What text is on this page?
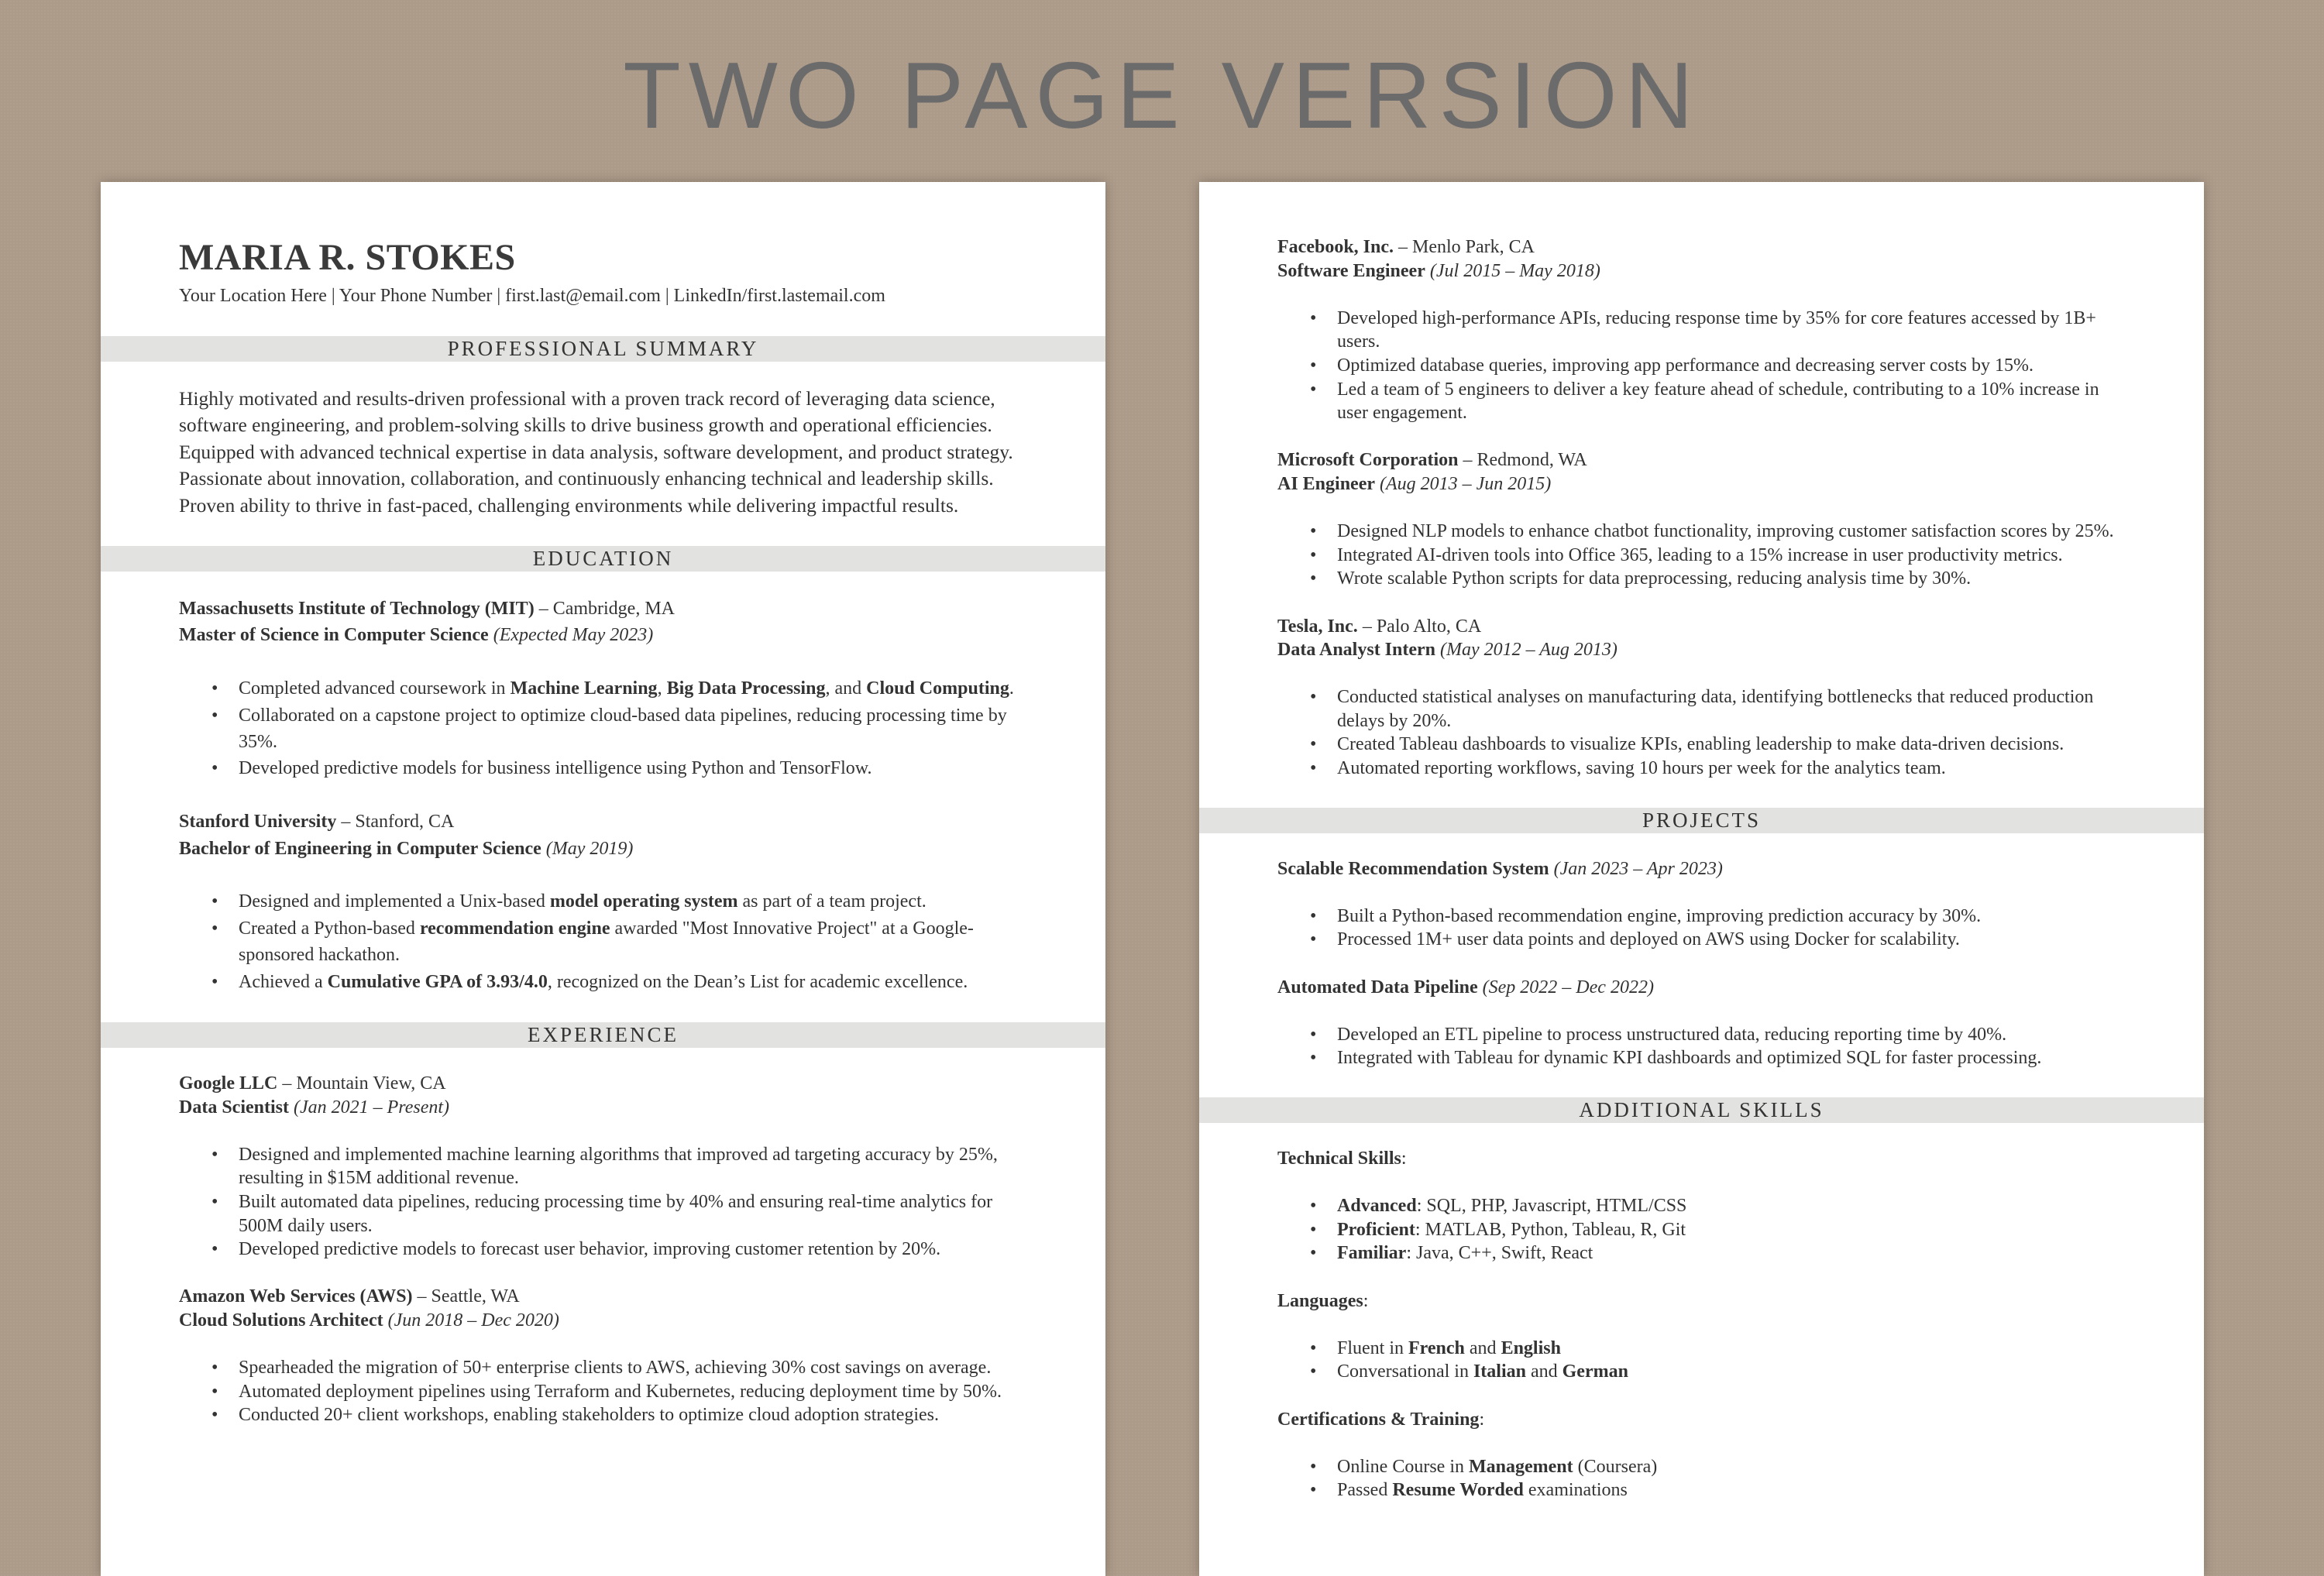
TWO PAGE VERSION
MARIA R. STOKES
Your Location Here | Your Phone Number | first.last@email.com | LinkedIn/first.lastemail.com
PROFESSIONAL SUMMARY

Highly motivated and results-driven professional with a proven track record of leveraging data science,

software engineering, and problem-solving skills to drive business growth and operational efficiencies.

Equipped with advanced technical expertise in data analysis, software development, and product strategy.

Passionate about innovation, collaboration, and continuously enhancing technical and leadership skills.

Proven ability to thrive in fast-paced, challenging environments while delivering impactful results.

EDUCATION
Massachusetts Institute of Technology (MIT) – Cambridge, MA
Master of Science in Computer Science (Expected May 2023)
• Completed advanced coursework in Machine Learning, Big Data Processing, and Cloud Computing.
• Collaborated on a capstone project to optimize cloud-based data pipelines, reducing processing time by 35%.
• Developed predictive models for business intelligence using Python and TensorFlow.
Stanford University – Stanford, CA
Bachelor of Engineering in Computer Science (May 2019)
• Designed and implemented a Unix-based model operating system as part of a team project.
• Created a Python-based recommendation engine awarded "Most Innovative Project" at a Google-sponsored hackathon.
• Achieved a Cumulative GPA of 3.93/4.0, recognized on the Dean’s List for academic excellence.
EXPERIENCE
Google LLC – Mountain View, CA
Data Scientist (Jan 2021 – Present)
• Designed and implemented machine learning algorithms that improved ad targeting accuracy by 25%, resulting in $15M additional revenue.
• Built automated data pipelines, reducing processing time by 40% and ensuring real-time analytics for 500M daily users.
• Developed predictive models to forecast user behavior, improving customer retention by 20%.
Amazon Web Services (AWS) – Seattle, WA
Cloud Solutions Architect (Jun 2018 – Dec 2020)
• Spearheaded the migration of 50+ enterprise clients to AWS, achieving 30% cost savings on average.
• Automated deployment pipelines using Terraform and Kubernetes, reducing deployment time by 50%.
• Conducted 20+ client workshops, enabling stakeholders to optimize cloud adoption strategies.
Facebook, Inc. – Menlo Park, CA
Software Engineer (Jul 2015 – May 2018)
• Developed high-performance APIs, reducing response time by 35% for core features accessed by 1B+ users.
• Optimized database queries, improving app performance and decreasing server costs by 15%.
• Led a team of 5 engineers to deliver a key feature ahead of schedule, contributing to a 10% increase in user engagement.
Microsoft Corporation – Redmond, WA
AI Engineer (Aug 2013 – Jun 2015)
• Designed NLP models to enhance chatbot functionality, improving customer satisfaction scores by 25%.
• Integrated AI-driven tools into Office 365, leading to a 15% increase in user productivity metrics.
• Wrote scalable Python scripts for data preprocessing, reducing analysis time by 30%.
Tesla, Inc. – Palo Alto, CA
Data Analyst Intern (May 2012 – Aug 2013)
• Conducted statistical analyses on manufacturing data, identifying bottlenecks that reduced production delays by 20%.
• Created Tableau dashboards to visualize KPIs, enabling leadership to make data-driven decisions.
• Automated reporting workflows, saving 10 hours per week for the analytics team.
PROJECTS
Scalable Recommendation System (Jan 2023 – Apr 2023)
• Built a Python-based recommendation engine, improving prediction accuracy by 30%.
• Processed 1M+ user data points and deployed on AWS using Docker for scalability.
Automated Data Pipeline (Sep 2022 – Dec 2022)
• Developed an ETL pipeline to process unstructured data, reducing reporting time by 40%.
• Integrated with Tableau for dynamic KPI dashboards and optimized SQL for faster processing.
ADDITIONAL SKILLS
Technical Skills:
• Advanced: SQL, PHP, Javascript, HTML/CSS
• Proficient: MATLAB, Python, Tableau, R, Git
• Familiar: Java, C++, Swift, React
Languages:
• Fluent in French and English
• Conversational in Italian and German
Certifications & Training:
• Online Course in Management (Coursera)
• Passed Resume Worded examinations
